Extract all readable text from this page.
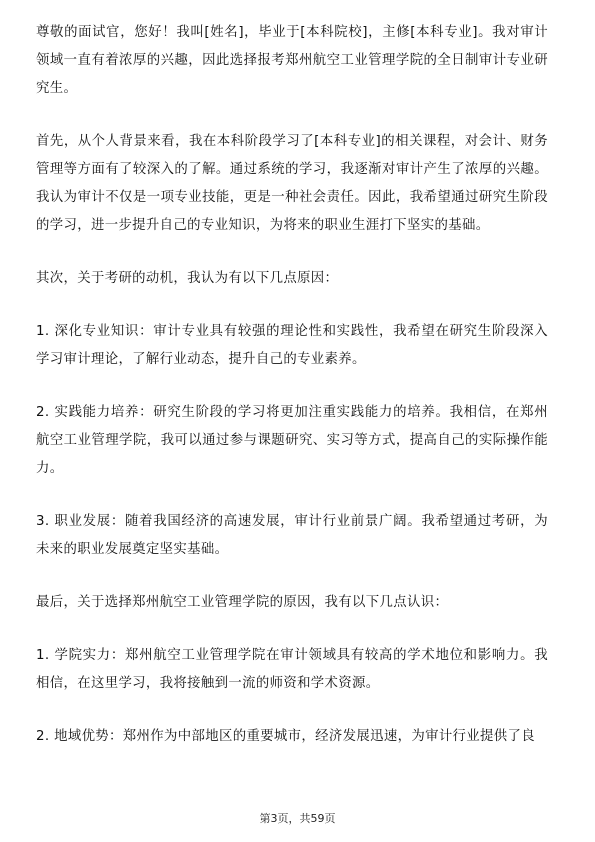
尊敬的面试官，您好！我叫[姓名]，毕业于[本科院校]，主修[本科专业]。我对审计领域一直有着浓厚的兴趣，因此选择报考郑州航空工业管理学院的全日制审计专业研究生。

首先，从个人背景来看，我在本科阶段学习了[本科专业]的相关课程，对会计、财务管理等方面有了较深入的了解。通过系统的学习，我逐渐对审计产生了浓厚的兴趣。我认为审计不仅是一项专业技能，更是一种社会责任。因此，我希望通过研究生阶段的学习，进一步提升自己的专业知识，为将来的职业生涯打下坚实的基础。

其次，关于考研的动机，我认为有以下几点原因：

1. 深化专业知识：审计专业具有较强的理论性和实践性，我希望在研究生阶段深入学习审计理论，了解行业动态，提升自己的专业素养。

2. 实践能力培养：研究生阶段的学习将更加注重实践能力的培养。我相信，在郑州航空工业管理学院，我可以通过参与课题研究、实习等方式，提高自己的实际操作能力。

3. 职业发展：随着我国经济的高速发展，审计行业前景广阔。我希望通过考研，为未来的职业发展奠定坚实基础。

最后，关于选择郑州航空工业管理学院的原因，我有以下几点认识：

1. 学院实力：郑州航空工业管理学院在审计领域具有较高的学术地位和影响力。我相信，在这里学习，我将接触到一流的师资和学术资源。

2. 地域优势：郑州作为中部地区的重要城市，经济发展迅速，为审计行业提供了良

第3页，共59页
